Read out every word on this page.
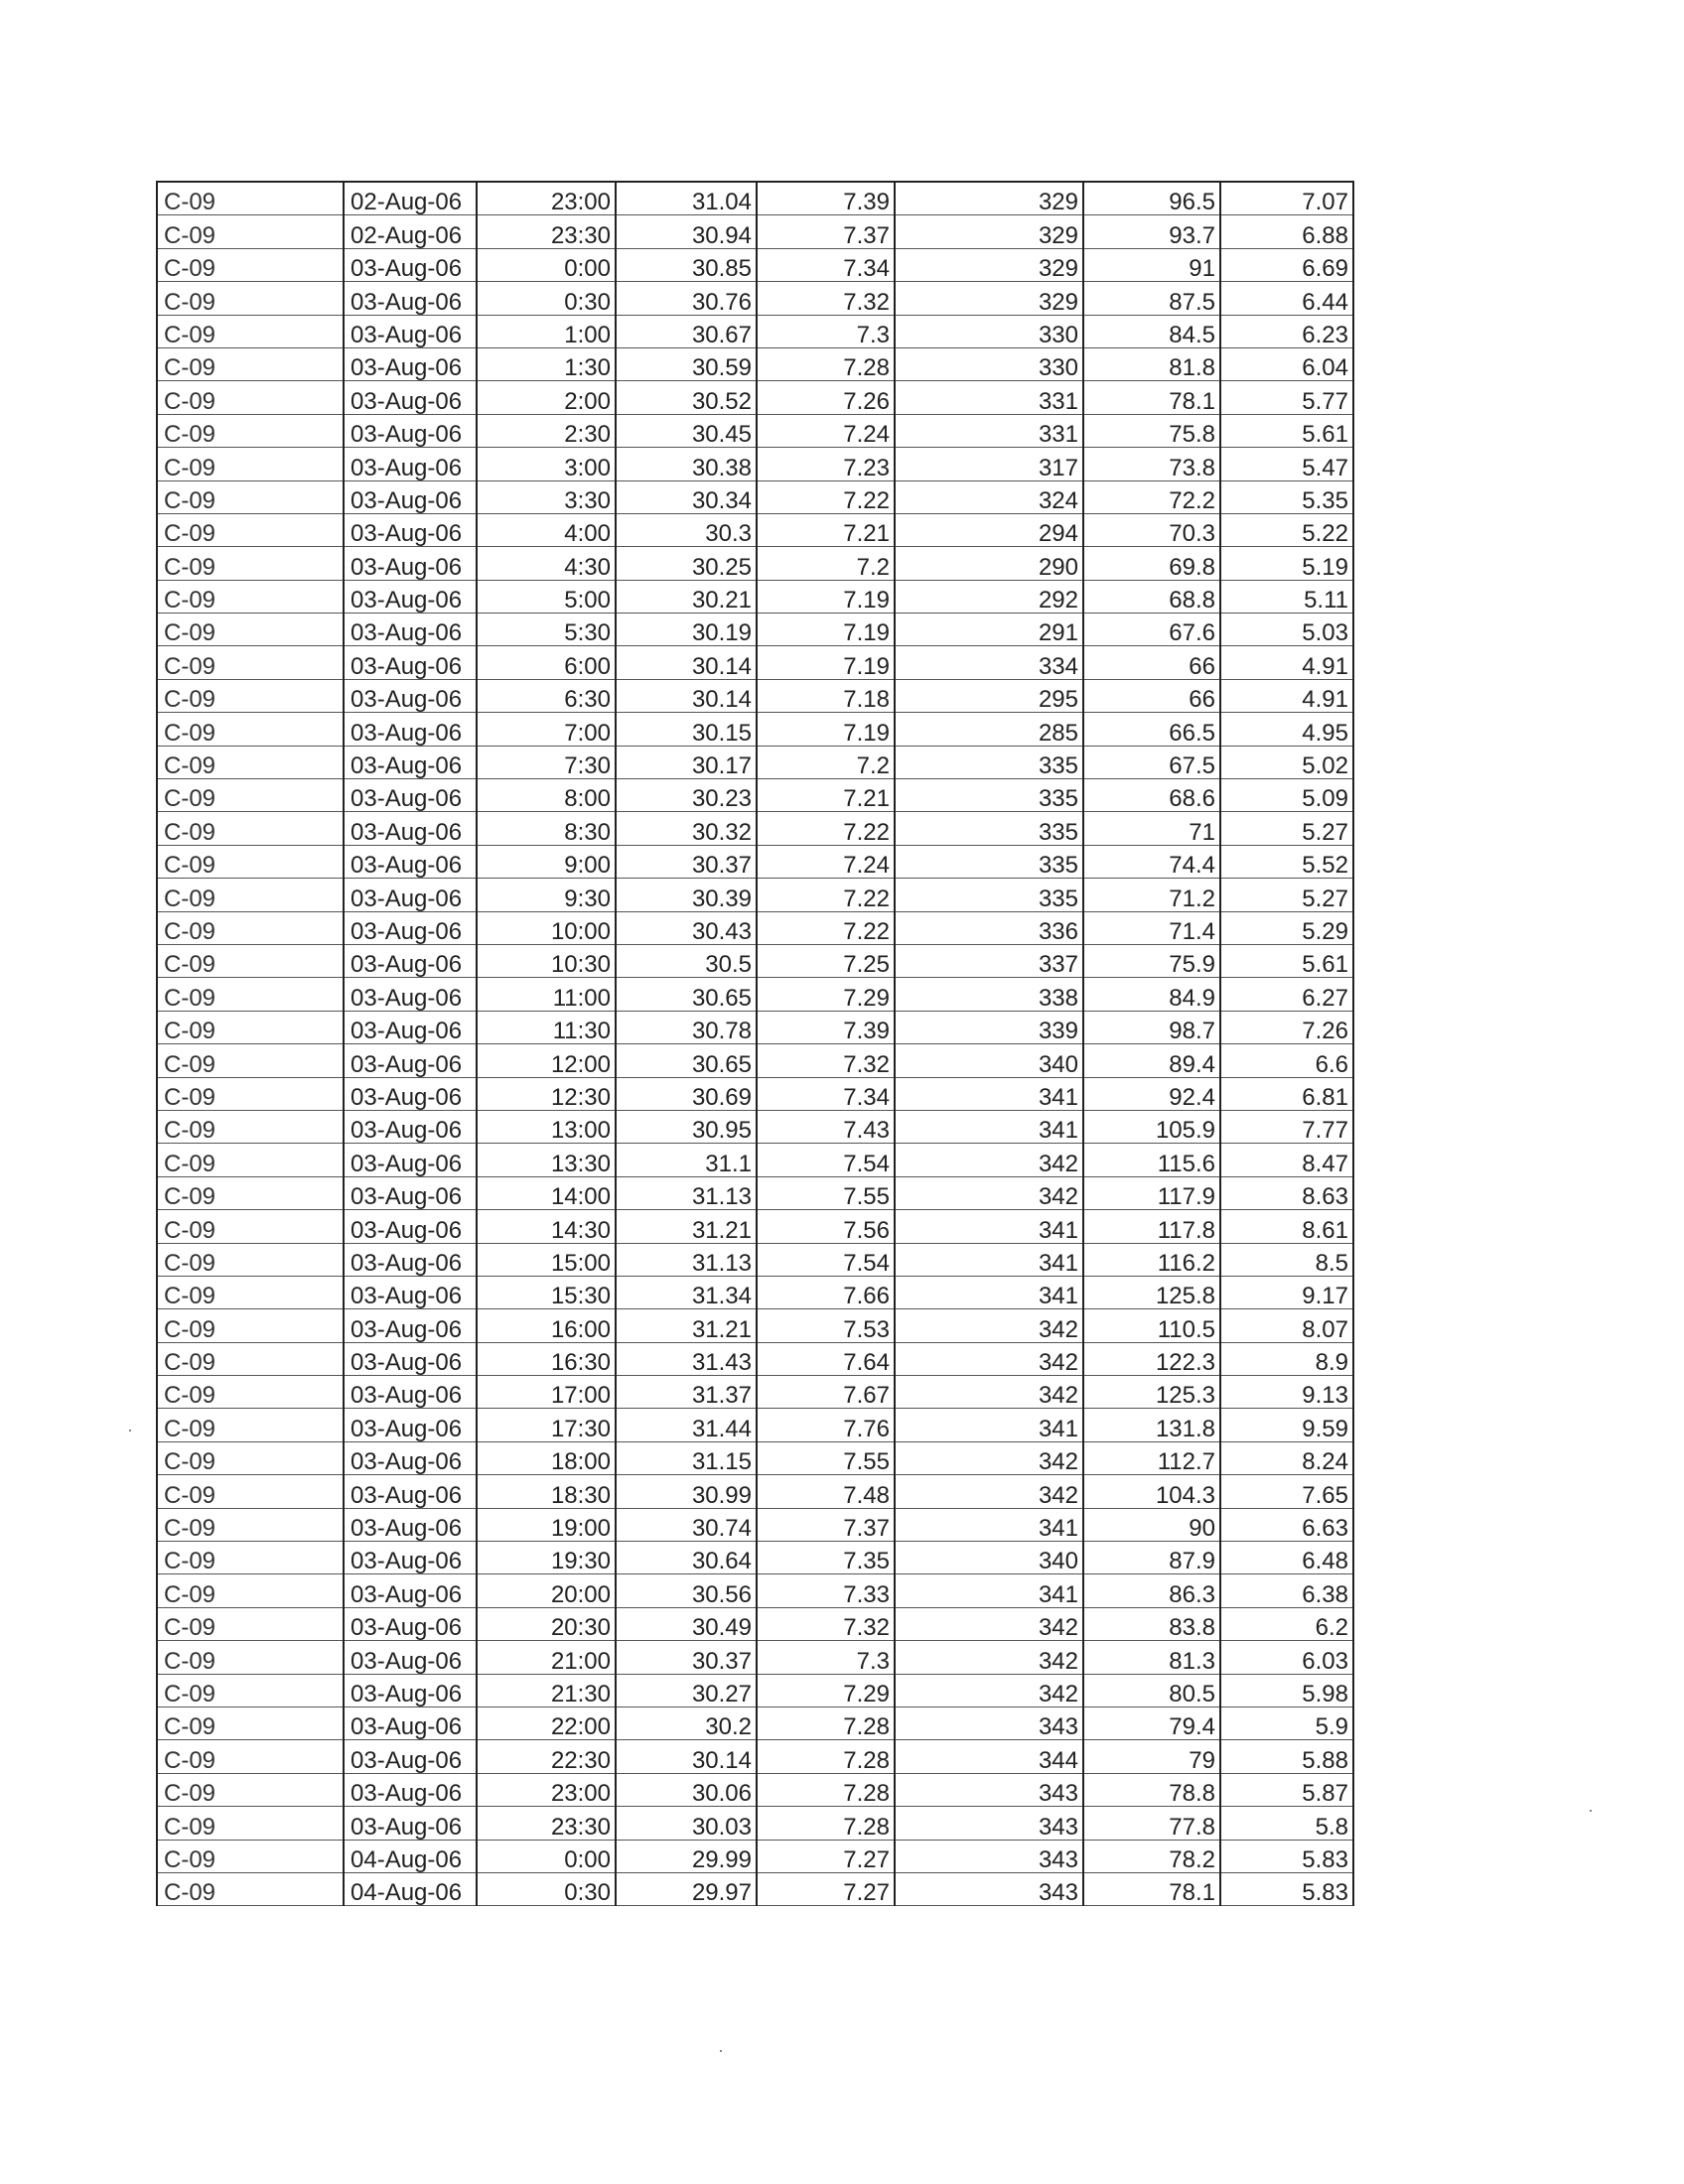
C-09	02-Aug-06	23:00	31.04	7.39	329	96.5	7.07
C-09	02-Aug-06	23:30	30.94	7.37	329	93.7	6.88
C-09	03-Aug-06	0:00	30.85	7.34	329	91	6.69
C-09	03-Aug-06	0:30	30.76	7.32	329	87.5	6.44
C-09	03-Aug-06	1:00	30.67	7.3	330	84.5	6.23
C-09	03-Aug-06	1:30	30.59	7.28	330	81.8	6.04
C-09	03-Aug-06	2:00	30.52	7.26	331	78.1	5.77
C-09	03-Aug-06	2:30	30.45	7.24	331	75.8	5.61
C-09	03-Aug-06	3:00	30.38	7.23	317	73.8	5.47
C-09	03-Aug-06	3:30	30.34	7.22	324	72.2	5.35
C-09	03-Aug-06	4:00	30.3	7.21	294	70.3	5.22
C-09	03-Aug-06	4:30	30.25	7.2	290	69.8	5.19
C-09	03-Aug-06	5:00	30.21	7.19	292	68.8	5.11
C-09	03-Aug-06	5:30	30.19	7.19	291	67.6	5.03
C-09	03-Aug-06	6:00	30.14	7.19	334	66	4.91
C-09	03-Aug-06	6:30	30.14	7.18	295	66	4.91
C-09	03-Aug-06	7:00	30.15	7.19	285	66.5	4.95
C-09	03-Aug-06	7:30	30.17	7.2	335	67.5	5.02
C-09	03-Aug-06	8:00	30.23	7.21	335	68.6	5.09
C-09	03-Aug-06	8:30	30.32	7.22	335	71	5.27
C-09	03-Aug-06	9:00	30.37	7.24	335	74.4	5.52
C-09	03-Aug-06	9:30	30.39	7.22	335	71.2	5.27
C-09	03-Aug-06	10:00	30.43	7.22	336	71.4	5.29
C-09	03-Aug-06	10:30	30.5	7.25	337	75.9	5.61
C-09	03-Aug-06	11:00	30.65	7.29	338	84.9	6.27
C-09	03-Aug-06	11:30	30.78	7.39	339	98.7	7.26
C-09	03-Aug-06	12:00	30.65	7.32	340	89.4	6.6
C-09	03-Aug-06	12:30	30.69	7.34	341	92.4	6.81
C-09	03-Aug-06	13:00	30.95	7.43	341	105.9	7.77
C-09	03-Aug-06	13:30	31.1	7.54	342	115.6	8.47
C-09	03-Aug-06	14:00	31.13	7.55	342	117.9	8.63
C-09	03-Aug-06	14:30	31.21	7.56	341	117.8	8.61
C-09	03-Aug-06	15:00	31.13	7.54	341	116.2	8.5
C-09	03-Aug-06	15:30	31.34	7.66	341	125.8	9.17
C-09	03-Aug-06	16:00	31.21	7.53	342	110.5	8.07
C-09	03-Aug-06	16:30	31.43	7.64	342	122.3	8.9
C-09	03-Aug-06	17:00	31.37	7.67	342	125.3	9.13
C-09	03-Aug-06	17:30	31.44	7.76	341	131.8	9.59
C-09	03-Aug-06	18:00	31.15	7.55	342	112.7	8.24
C-09	03-Aug-06	18:30	30.99	7.48	342	104.3	7.65
C-09	03-Aug-06	19:00	30.74	7.37	341	90	6.63
C-09	03-Aug-06	19:30	30.64	7.35	340	87.9	6.48
C-09	03-Aug-06	20:00	30.56	7.33	341	86.3	6.38
C-09	03-Aug-06	20:30	30.49	7.32	342	83.8	6.2
C-09	03-Aug-06	21:00	30.37	7.3	342	81.3	6.03
C-09	03-Aug-06	21:30	30.27	7.29	342	80.5	5.98
C-09	03-Aug-06	22:00	30.2	7.28	343	79.4	5.9
C-09	03-Aug-06	22:30	30.14	7.28	344	79	5.88
C-09	03-Aug-06	23:00	30.06	7.28	343	78.8	5.87
C-09	03-Aug-06	23:30	30.03	7.28	343	77.8	5.8
C-09	04-Aug-06	0:00	29.99	7.27	343	78.2	5.83
C-09	04-Aug-06	0:30	29.97	7.27	343	78.1	5.83
